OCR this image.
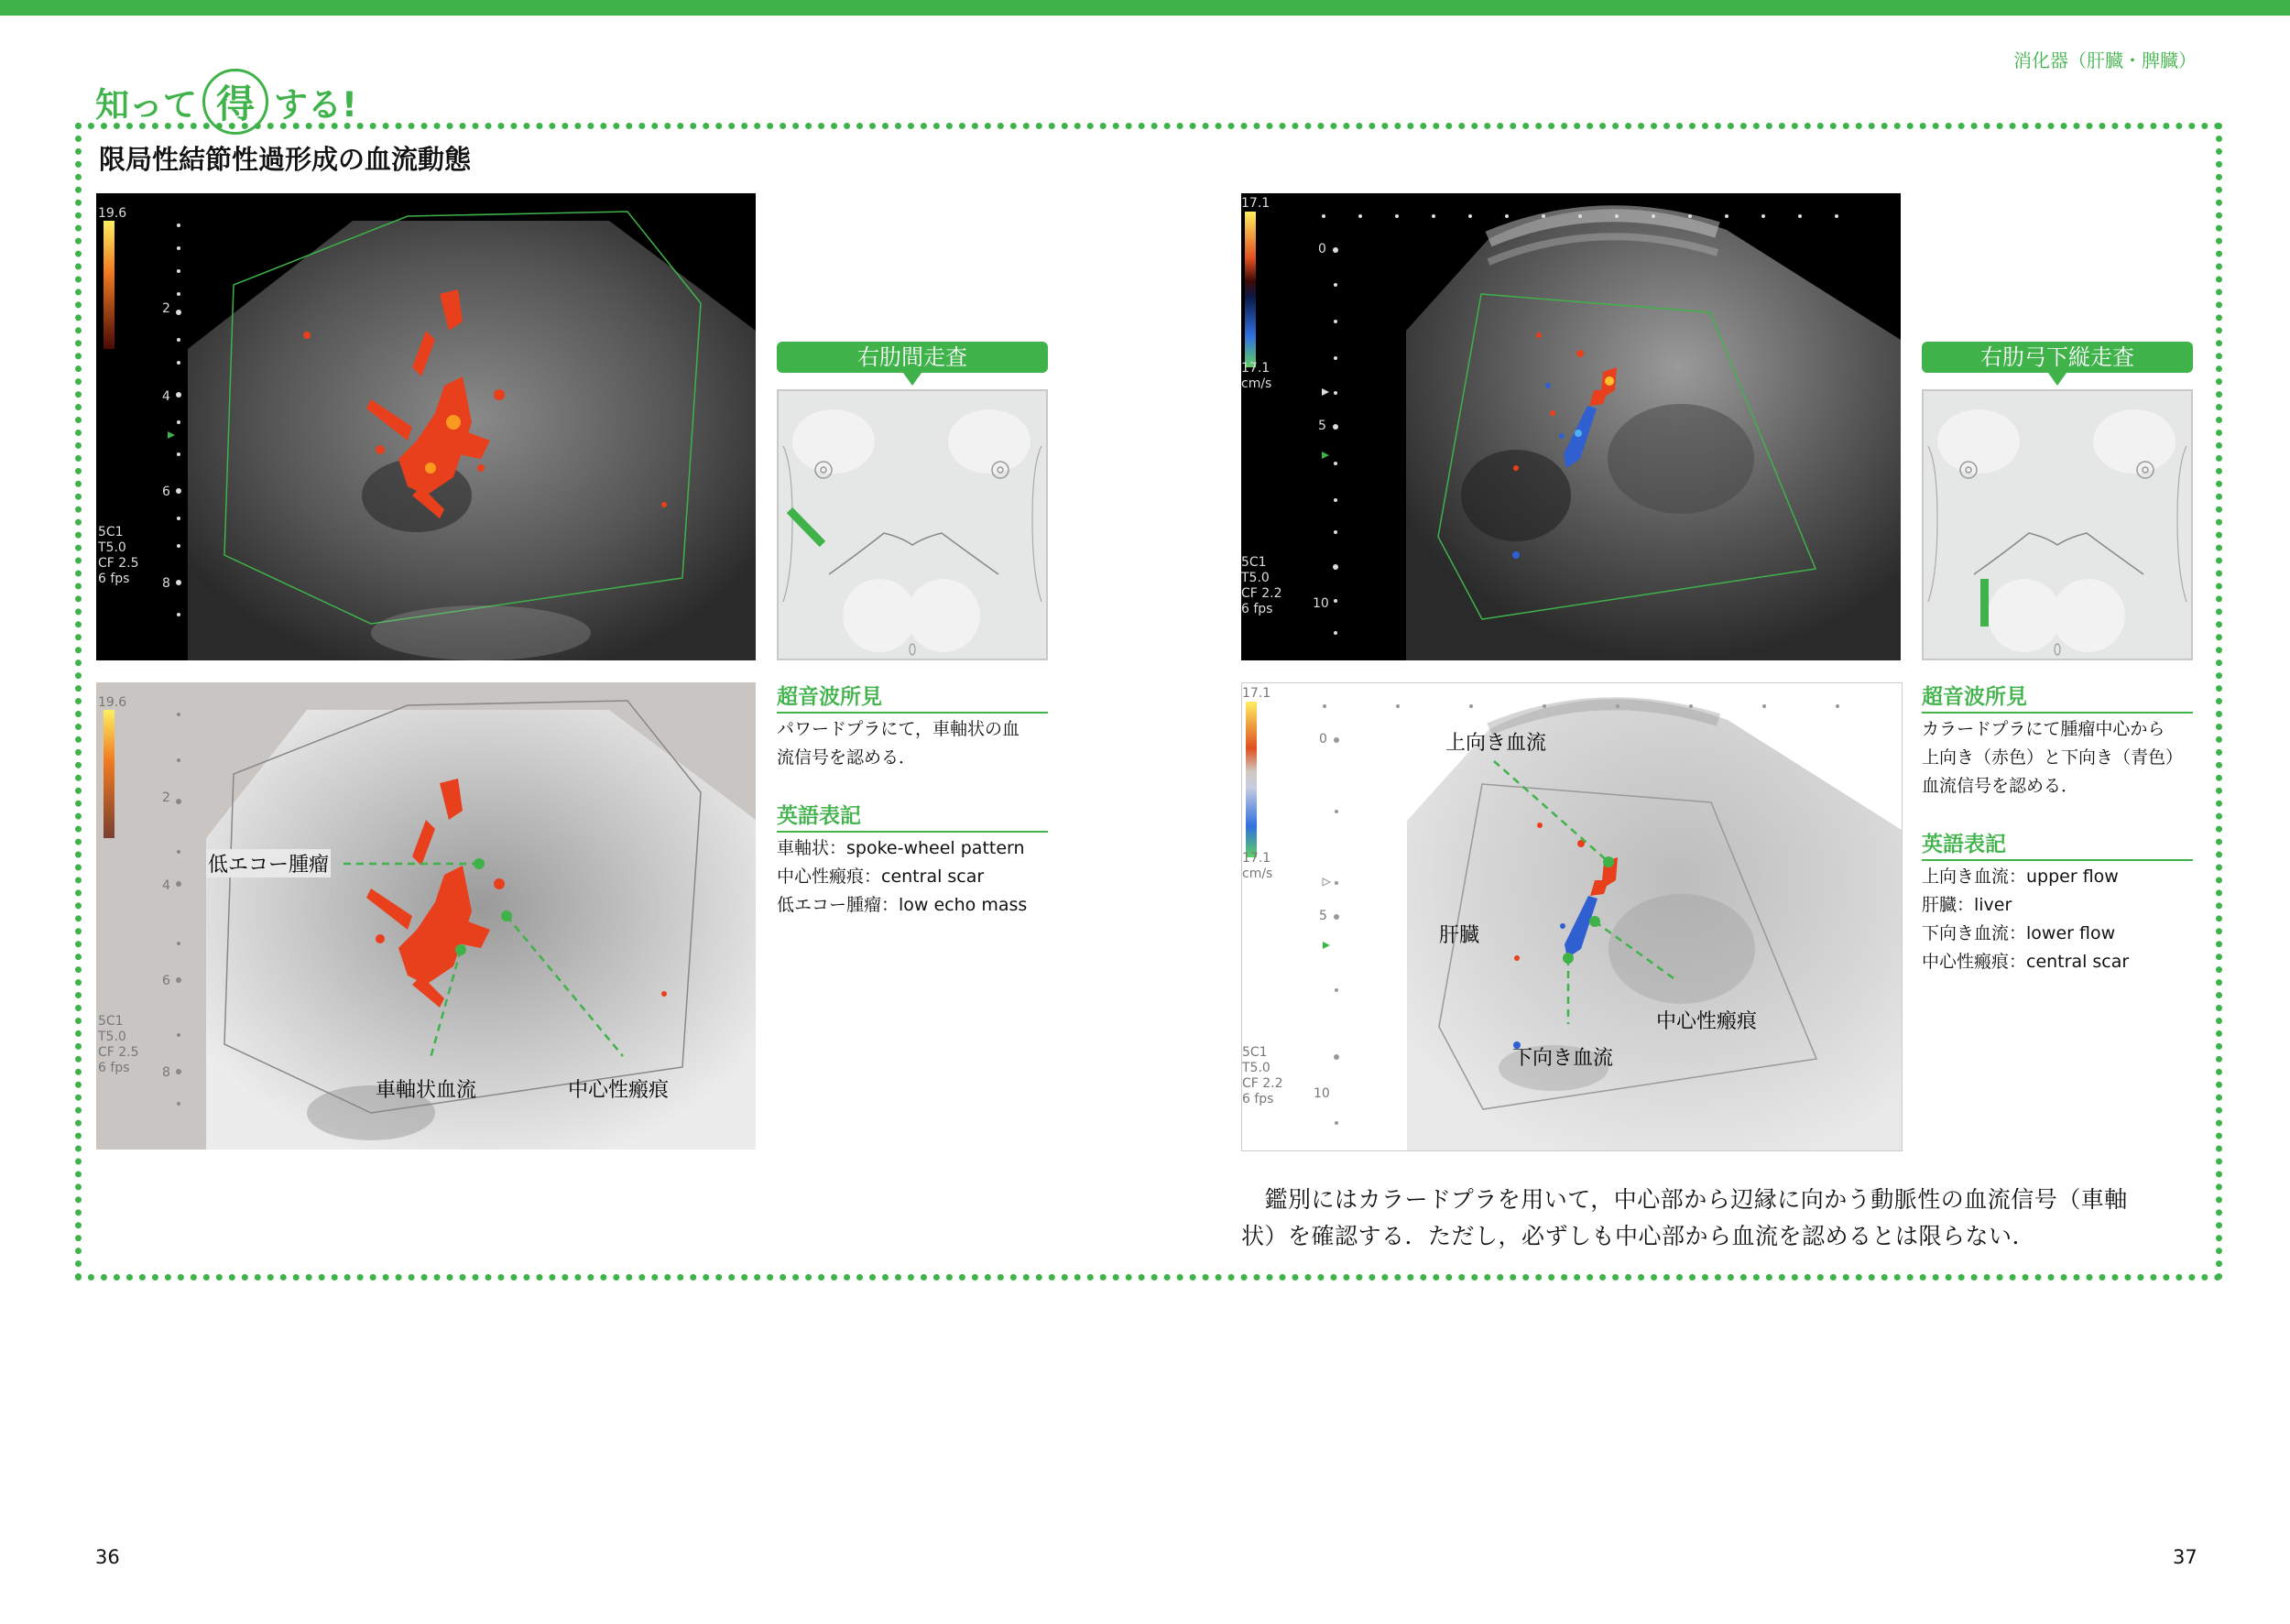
消化器（肝臓・脾臓）
知って 得 する!
限局性結節性過形成の血流動態
19.6
2
4
6
8
5C1
T5.0
CF 2.5
6 fps
19.6
2
4
6
8
5C1
T5.0
CF 2.5
6 fps
低エコー腫瘤
車軸状血流	中心性瘢痕
右肋間走査
超音波所見
パワードプラにて，車軸状の血
流信号を認める．
英語表記
車軸状：spoke-wheel pattern
中心性瘢痕：central scar
低エコー腫瘤：low echo mass
17.1
17.1
cm/s
0
5
10
5C1
T5.0
CF 2.2
6 fps
17.1
17.1
cm/s
0
5
10
5C1
T5.0
CF 2.2
6 fps
上向き血流
肝臓
中心性瘢痕
下向き血流
右肋弓下縦走査
超音波所見
カラードプラにて腫瘤中心から
上向き（赤色）と下向き（青色）
血流信号を認める．
英語表記
上向き血流：upper flow
肝臓：liver
下向き血流：lower flow
中心性瘢痕：central scar
　鑑別にはカラードプラを用いて，中心部から辺縁に向かう動脈性の血流信号（車軸
状）を確認する．ただし，必ずしも中心部から血流を認めるとは限らない．
36	37
